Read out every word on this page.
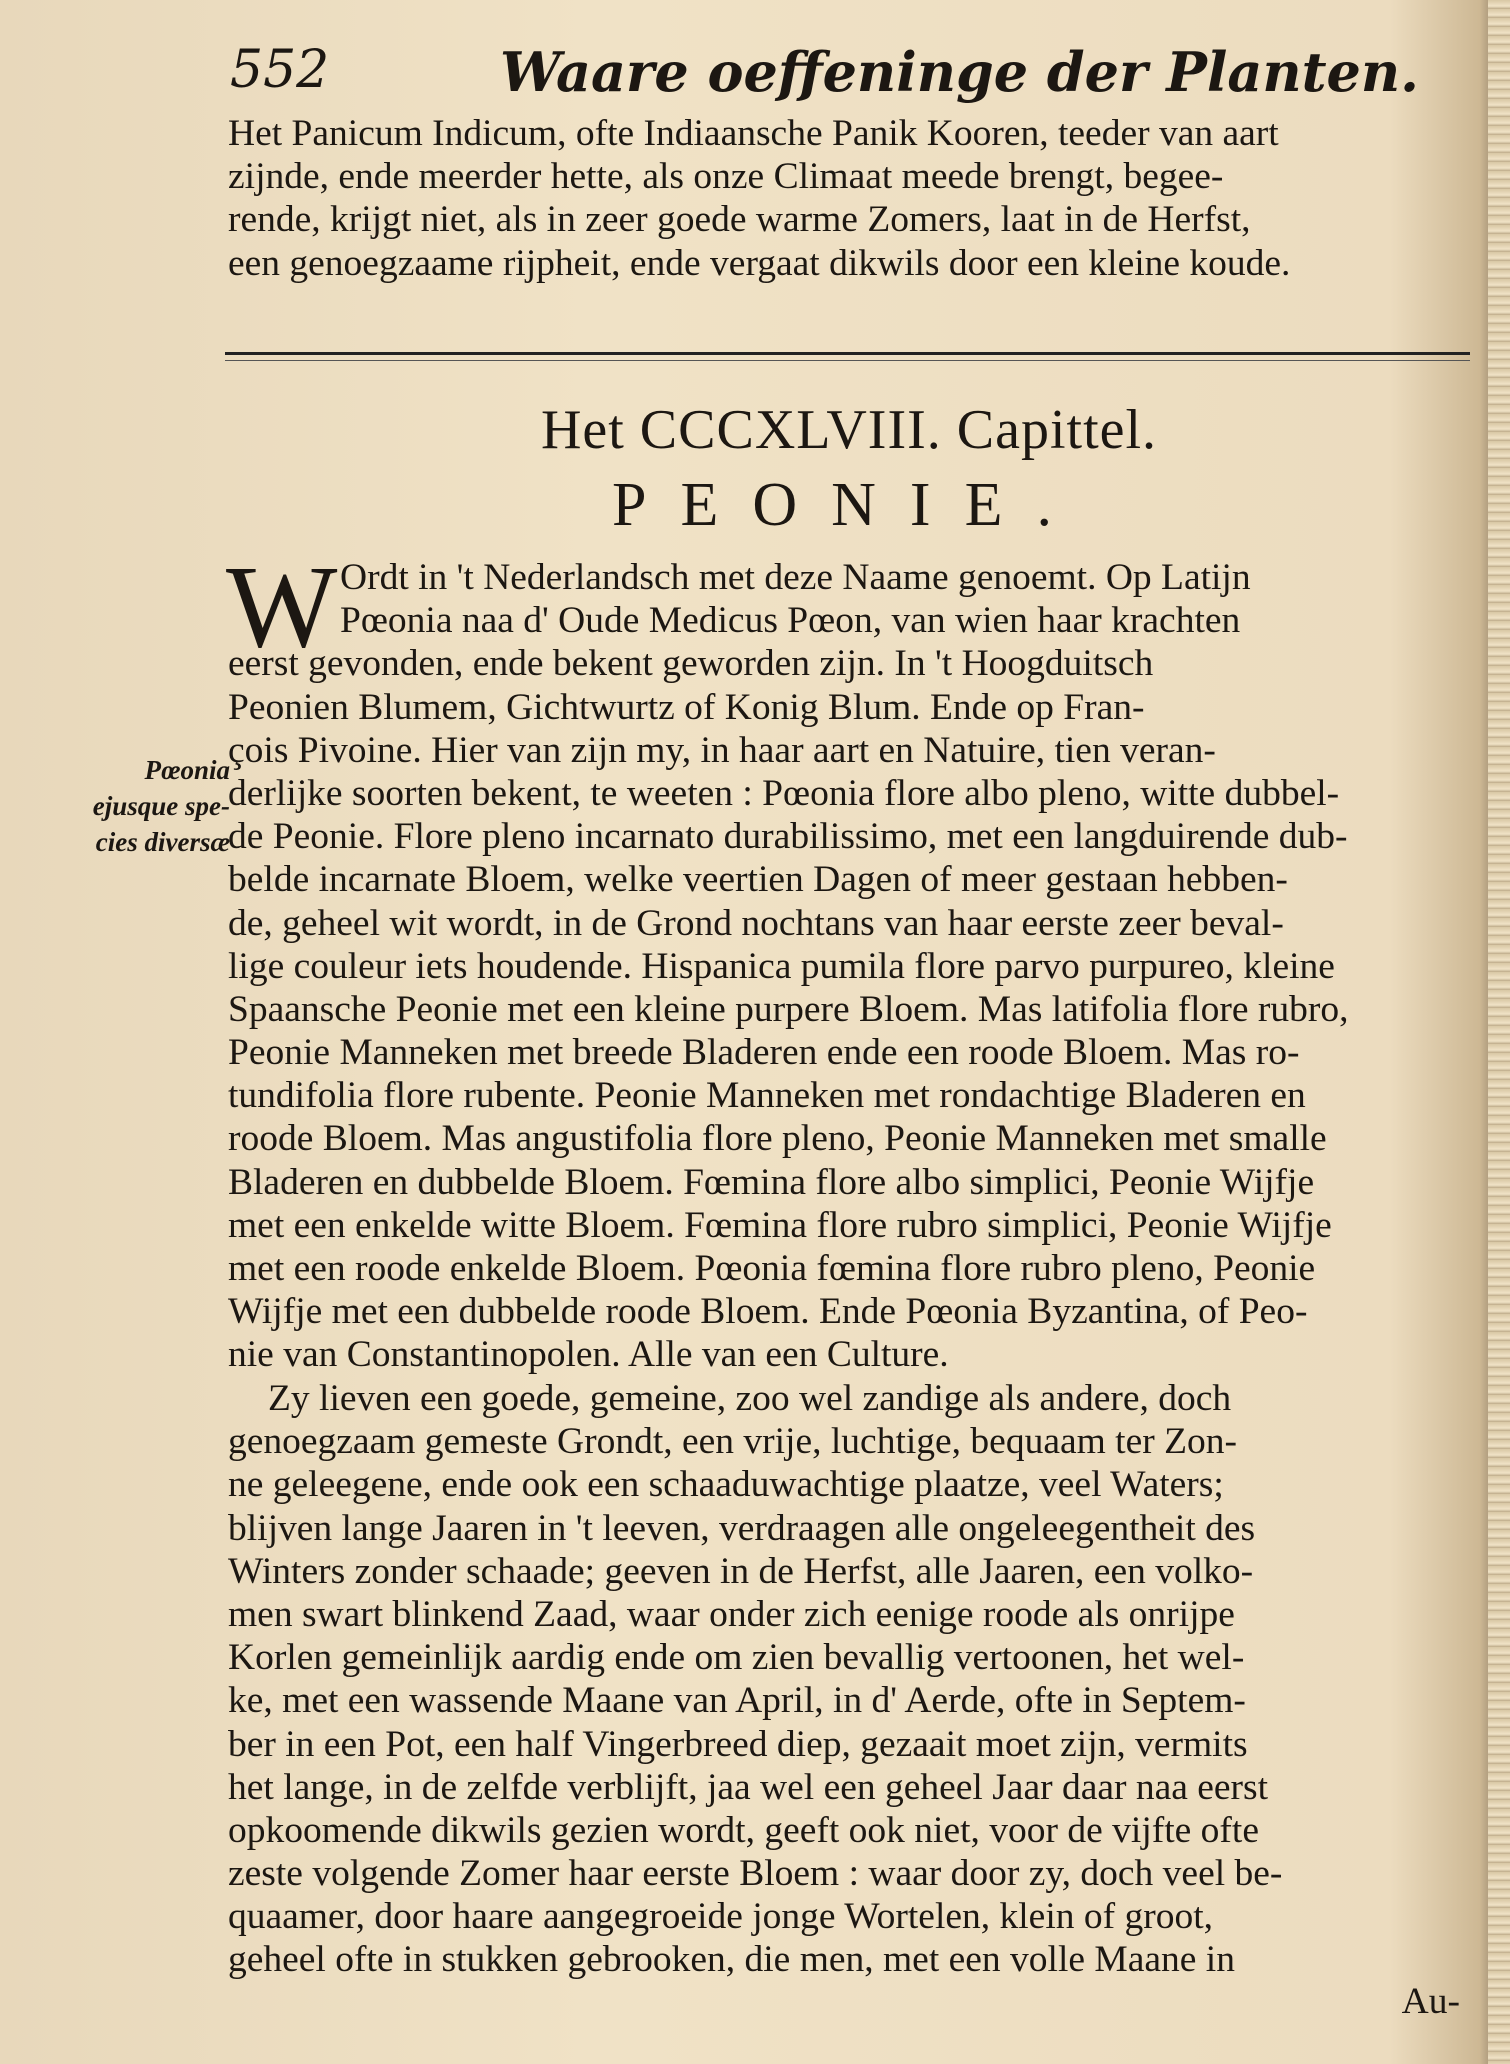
552	Waare oeffeninge der Planten.
Het Panicum Indicum, ofte Indiaansche Panik Kooren, teeder van aart
zijnde, ende meerder hette, als onze Climaat meede brengt, begee-
rende, krijgt niet, als in zeer goede warme Zomers, laat in de Herfst,
een genoegzaame rijpheit, ende vergaat dikwils door een kleine koude.
Het CCCXLVIII. Capittel.
PEONIE.
W
Pœonia
ejusque spe-
cies diversæ
Ordt in 't Nederlandsch met deze Naame genoemt. Op Latijn
Pœonia naa d' Oude Medicus Pœon, van wien haar krachten
eerst gevonden, ende bekent geworden zijn. In 't Hoogduitsch
Peonien Blumem, Gichtwurtz of Konig Blum. Ende op Fran-
çois Pivoine. Hier van zijn my, in haar aart en Natuire, tien veran-
derlijke soorten bekent, te weeten : Pœonia flore albo pleno, witte dubbel-
de Peonie. Flore pleno incarnato durabilissimo, met een langduirende dub-
belde incarnate Bloem, welke veertien Dagen of meer gestaan hebben-
de, geheel wit wordt, in de Grond nochtans van haar eerste zeer beval-
lige couleur iets houdende. Hispanica pumila flore parvo purpureo, kleine
Spaansche Peonie met een kleine purpere Bloem. Mas latifolia flore rubro,
Peonie Manneken met breede Bladeren ende een roode Bloem. Mas ro-
tundifolia flore rubente. Peonie Manneken met rondachtige Bladeren en
roode Bloem. Mas angustifolia flore pleno, Peonie Manneken met smalle
Bladeren en dubbelde Bloem. Fœmina flore albo simplici, Peonie Wijfje
met een enkelde witte Bloem. Fœmina flore rubro simplici, Peonie Wijfje
met een roode enkelde Bloem. Pœonia fœmina flore rubro pleno, Peonie
Wijfje met een dubbelde roode Bloem. Ende Pœonia Byzantina, of Peo-
nie van Constantinopolen. Alle van een Culture.
Zy lieven een goede, gemeine, zoo wel zandige als andere, doch
genoegzaam gemeste Grondt, een vrije, luchtige, bequaam ter Zon-
ne geleegene, ende ook een schaaduwachtige plaatze, veel Waters;
blijven lange Jaaren in 't leeven, verdraagen alle ongeleegentheit des
Winters zonder schaade; geeven in de Herfst, alle Jaaren, een volko-
men swart blinkend Zaad, waar onder zich eenige roode als onrijpe
Korlen gemeinlijk aardig ende om zien bevallig vertoonen, het wel-
ke, met een wassende Maane van April, in d' Aerde, ofte in Septem-
ber in een Pot, een half Vingerbreed diep, gezaait moet zijn, vermits
het lange, in de zelfde verblijft, jaa wel een geheel Jaar daar naa eerst
opkoomende dikwils gezien wordt, geeft ook niet, voor de vijfte ofte
zeste volgende Zomer haar eerste Bloem : waar door zy, doch veel be-
quaamer, door haare aangegroeide jonge Wortelen, klein of groot,
geheel ofte in stukken gebrooken, die men, met een volle Maane in
Au-
